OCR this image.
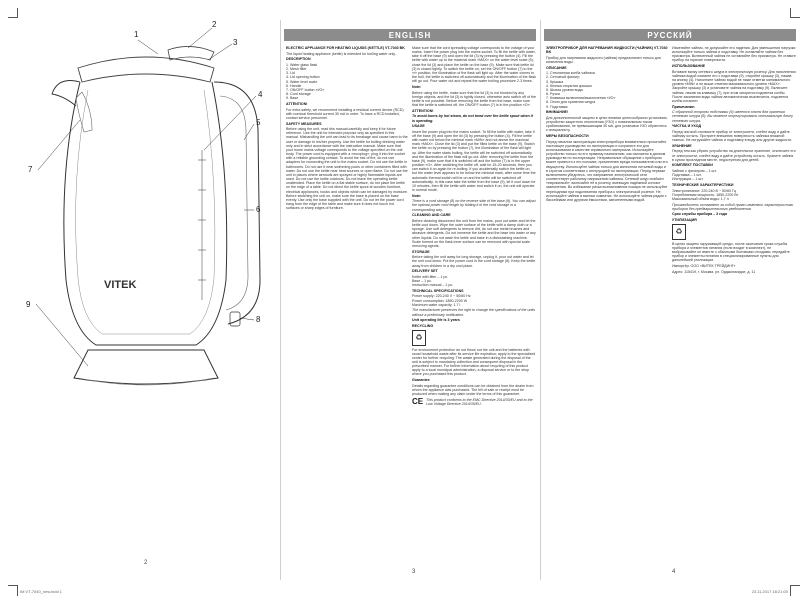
VITEK
1
2
3
4
5
6
7
8
9
2
ENGLISH	РУССКИЙ

ELECTRIC APPLIANCE FOR HEATING LIQUIDS (KETTLE) VT-7040 BK

The liquid heating appliance (kettle) is intended for boiling water only.

DESCRIPTION

1. Water glass flask
2. Mesh filter
3. Lid
4. Lid opening button
5. Water level scale
6. Handle
7. ON/OFF button «I/O»
8. Cord storage
9. Base

ATTENTION!

For extra safety, we recommend installing a residual current device (RCD) with nominal threshold current 30 mA in order. To have a RCD installed, contact service personnel.

SAFETY MEASURES

Before using the unit, read this manual carefully and keep it for future reference. Use the unit for intended purpose only as specified in this manual. Mishandling the unit can lead to its breakage and cause harm to the user or damage to his/her property. Use the kettle for boiling drinking water only and in strict accordance with the instruction manual. Make sure that your home mains voltage corresponds to the voltage specified on the unit body. The power cord is equipped with a «europlug»; plug it into the socket with a reliable grounding contact. To avoid the risk of fire, do not use adapters for connecting the unit to the mains socket. Do not use the kettle in bathrooms. Do not use it near swimming pools or other containers filled with water. Do not use the kettle near heat sources or open flame. Do not use the unit in places where aerosols are sprayed or highly flammable liquids are used. Do not use the kettle outdoors. Do not leave the operating kettle unattended. Place the kettle on a flat stable surface, do not place the kettle on the edge of a table. Do not direct the kettle spout at wooden furniture, electrical appliances, books and objects which can be damaged by moisture. Before switching the unit on, make sure the base is placed on the base evenly. Use only the base supplied with the unit. Do not let the power cord hang from the edge of the table and make sure it does not touch hot surfaces or sharp edges of furniture.

Make sure that the cord spreading voltage corresponds to the voltage of your mains. Insert the power plug into the mains socket. To fill the kettle with water, take it off the base (9) and open the lid (3) by pressing the button (4). Fill the kettle with water up to the maximal mark «MAX» on the water level scale (5), close the lid (3) and place the kettle on the base (9). Make sure that kettle lid (3) is closed tightly. To switch the kettle on, set the ON/OFF button (7) to the «I» position, the illumination of the flask will light up. After the water comes to the boil, the kettle is switched off automatically and the illumination of the flask will go out. Pour water out and repeat the water boiling procedure 2-3 times.

Note:

Before using the kettle, make sure that the lid (3) is not blocked by any foreign objects, and the lid (3) is tightly closed, otherwise auto switch off of the kettle is not possible. Before removing the kettle from the base, make sure that the kettle is switched off, the ON/OFF button (7) is in the position «O».

ATTENTION!

To avoid burns by hot steam, do not bend over the kettle spout when it is operating.

USAGE

Insert the power plug into the mains socket. To fill the kettle with water, take it off the base (9) and open the lid (3) by pressing the button (4). Fill the kettle with water not below the minimal mark «MIN» and not above the maximal mark «MAX». Close the lid (3) and put the filled kettle on the base (9). Switch the kettle on by pressing the button (7), the illumination of the flask will light up. After the water starts boiling, the kettle will be switched off automatically and the illumination of the flask will go out. After removing the kettle from the base (9), make sure that it is switched off and the button (7) is in the upper position «O». After switching the kettle off, wait for 15-20 seconds, then you can switch it on again for re-boiling. If you accidentally switch the kettle on, but the water level appears to be below the minimal mark, after some time the automatic thermal switch will be on and the kettle will be switched off automatically. In this case take the kettle from the base (9), let it cool down for 10 minutes, then fill the kettle with water and switch it on, the unit will operate in normal mode.

Note:

There is a cord storage (8) on the reverse side of the base (9). You can adjust the optimal power cord length by folding it in the cord storage in a corresponding way.

CLEANING AND CARE

Before cleaning disconnect the unit from the mains, pour out water and let the kettle cool down. Wipe the outer surface of the kettle with a damp cloth or a sponge. Use soft detergents to remove dirt, do not use metal brushes and abrasive detergents. Do not immerse the kettle and the base into water or any other liquids. Do not wash the kettle and base in a dishwashing machine. Scale formed on the flask inner surface can be removed with special scale removing agents.

STORAGE

Before taking the unit away for long storage, unplug it, pour out water and let the unit cool down. Put the power cord in the cord storage (8). Keep the kettle away from children in a dry cool place.

DELIVERY SET

Kettle with filter – 1 pc.
Base – 1 pc.
Instruction manual – 1 pc.

TECHNICAL SPECIFICATIONS

Power supply: 220-240 V ~ 50/60 Hz
Power consumption: 1850-2200 W
Maximum water capacity: 1.7 l

The manufacturer preserves the right to change the specifications of the units without a preliminary notification.

Unit operating life is 3 years

RECYCLING

♻

For environment protection do not throw out the unit and the batteries with usual household waste after its service life expiration; apply to the specialized center for further recycling. The waste generated during the disposal of the unit is subject to mandatory collection and consequent disposal in the prescribed manner. For further information about recycling of this product apply to a local municipal administration, a disposal service or to the shop where you purchased this product.

Guarantee

Details regarding guarantee conditions can be obtained from the dealer from whom the appliance was purchased. The bill of sale or receipt must be produced when making any claim under the terms of this guarantee.

CE This product conforms to the EMC Directive 2014/30/EU and to the Low Voltage Directive 2014/35/EU.
3

ЭЛЕКТРОПРИБОР ДЛЯ НАГРЕВАНИЯ ЖИДКОСТИ (ЧАЙНИК) VT-7040 BK

Прибор для нагревания жидкости (чайник) предназначен только для кипячения воды.

ОПИСАНИЕ

1. Стеклянная колба чайника
2. Сетчатый фильтр
3. Крышка
4. Кнопка открытия крышки
5. Шкала уровня воды
6. Ручка
7. Клавиша включения/выключения «I/O»
8. Отсек для хранения шнура
9. Подставка

ВНИМАНИЕ!

Для дополнительной защиты в цепи питания целесообразно установить устройство защитного отключения (УЗО) с номинальным током срабатывания, не превышающим 30 мА, для установки УЗО обратитесь к специалисту.

МЕРЫ БЕЗОПАСНОСТИ

Перед началом эксплуатации электроприбора внимательно прочитайте настоящее руководство по эксплуатации и сохраните его для использования в качестве справочного материала. Используйте устройство только по его прямому назначению, как изложено в данном руководстве по эксплуатации. Неправильное обращение с прибором может привести к его поломке, причинению вреда пользователю или его имуществу. Используйте чайник только для кипячения питьевой воды и в строгом соответствии с инструкцией по эксплуатации. Перед первым включением убедитесь, что напряжение электрической сети соответствует рабочему напряжению чайника. Сетевой шнур снабжен «евровилкой»; включайте её в розетку, имеющую надёжный контакт заземления. Во избежание риска возникновения пожара не используйте переходники при подключении прибора к электрической розетке. Не используйте чайник в ванных комнатах. Не используйте чайник рядом с бассейнами или другими ёмкостями, заполненными водой.

Изменяйте чайник, не допускайте его падения. Для уменьшения нагрузки используйте только чайник и подставку. Не оставляйте чайник без присмотра. Включенный чайник не оставляйте без присмотра. Не ставьте прибор на горячие поверхности.

ИСПОЛЬЗОВАНИЕ

Вставьте вилку сетевого шнура в электрическую розетку. Для наполнения чайника водой снимите его с подставки (9), откройте крышку (3), нажав на кнопку (4). Наполните чайник водой не ниже отметки минимального уровня «MIN» и не выше отметки максимального уровня «MAX». Закройте крышку (3) и установите чайник на подставку (9). Включите чайник, нажав на клавишу (7), при этом загорится подсветка колбы. После закипания воды чайник автоматически выключится, подсветка колбы погаснет.

Примечание:

С обратной стороны подставки (9) имеется отсек для хранения сетевого шнура (8). Вы можете отрегулировать оптимальную длину сетевого шнура.

ЧИСТКА И УХОД

Перед чисткой отключите прибор от электросети, слейте воду и дайте чайнику остыть. Протрите внешнюю поверхность чайника влажной тканью. Не погружайте чайник и подставку в воду или другие жидкости.

ХРАНЕНИЕ

Перед тем как убрать устройство на длительное хранение, отключите его от электросети, слейте воду и дайте устройству остыть. Храните чайник в сухом прохладном месте, недоступном для детей.

КОМПЛЕКТ ПОСТАВКИ

Чайник с фильтром – 1 шт.
Подставка – 1 шт.
Инструкция – 1 шт.

ТЕХНИЧЕСКИЕ ХАРАКТЕРИСТИКИ

Электропитание: 220-240 В ~ 50/60 Гц
Потребляемая мощность: 1850-2200 Вт
Максимальный объём воды: 1,7 л

Производитель оставляет за собой право изменять характеристики приборов без предварительного уведомления.

Срок службы прибора – 3 года

УТИЛИЗАЦИЯ

♻

В целях защиты окружающей среды, после окончания срока службы прибора и элементов питания (если входят в комплект), не выбрасывайте их вместе с обычными бытовыми отходами, передайте прибор и элементы питания в специализированные пункты для дальнейшей утилизации.

Импортёр: ООО «ВИТЕК ТРЕЙДИНГ»

Адрес: 115419, г. Москва, ул. Орджоникидзе, д. 11

4
IM VT-7040_new.indd 1	23.11.2017 18:21:00
